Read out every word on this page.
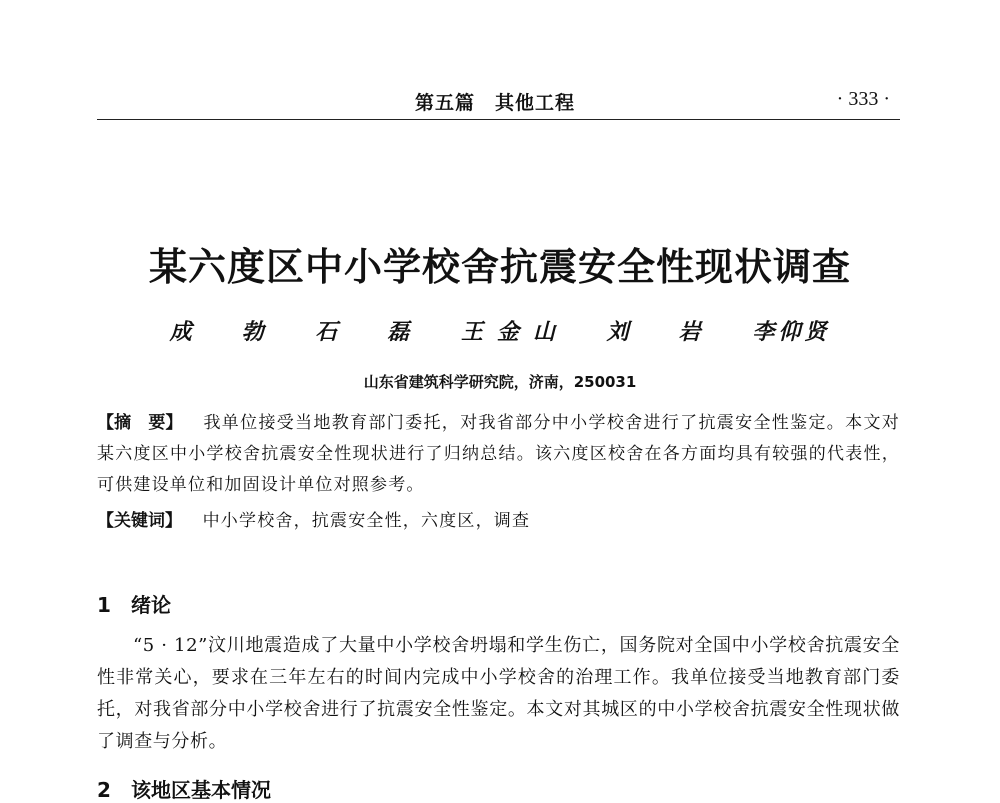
第五篇　其他工程	· 333 ·
某六度区中小学校舍抗震安全性现状调查
成　勃 石　磊 王金山 刘　岩 李仰贤
山东省建筑科学研究院，济南，250031
【摘　要】 我单位接受当地教育部门委托，对我省部分中小学校舍进行了抗震安全性鉴定。本文对某六度区中小学校舍抗震安全性现状进行了归纳总结。该六度区校舍在各方面均具有较强的代表性，可供建设单位和加固设计单位对照参考。
【关键词】 中小学校舍，抗震安全性，六度区，调查
1 绪论
“5 · 12”汶川地震造成了大量中小学校舍坍塌和学生伤亡，国务院对全国中小学校舍抗震安全性非常关心，要求在三年左右的时间内完成中小学校舍的治理工作。我单位接受当地教育部门委托，对我省部分中小学校舍进行了抗震安全性鉴定。本文对其城区的中小学校舍抗震安全性现状做了调查与分析。
2 该地区基本情况
